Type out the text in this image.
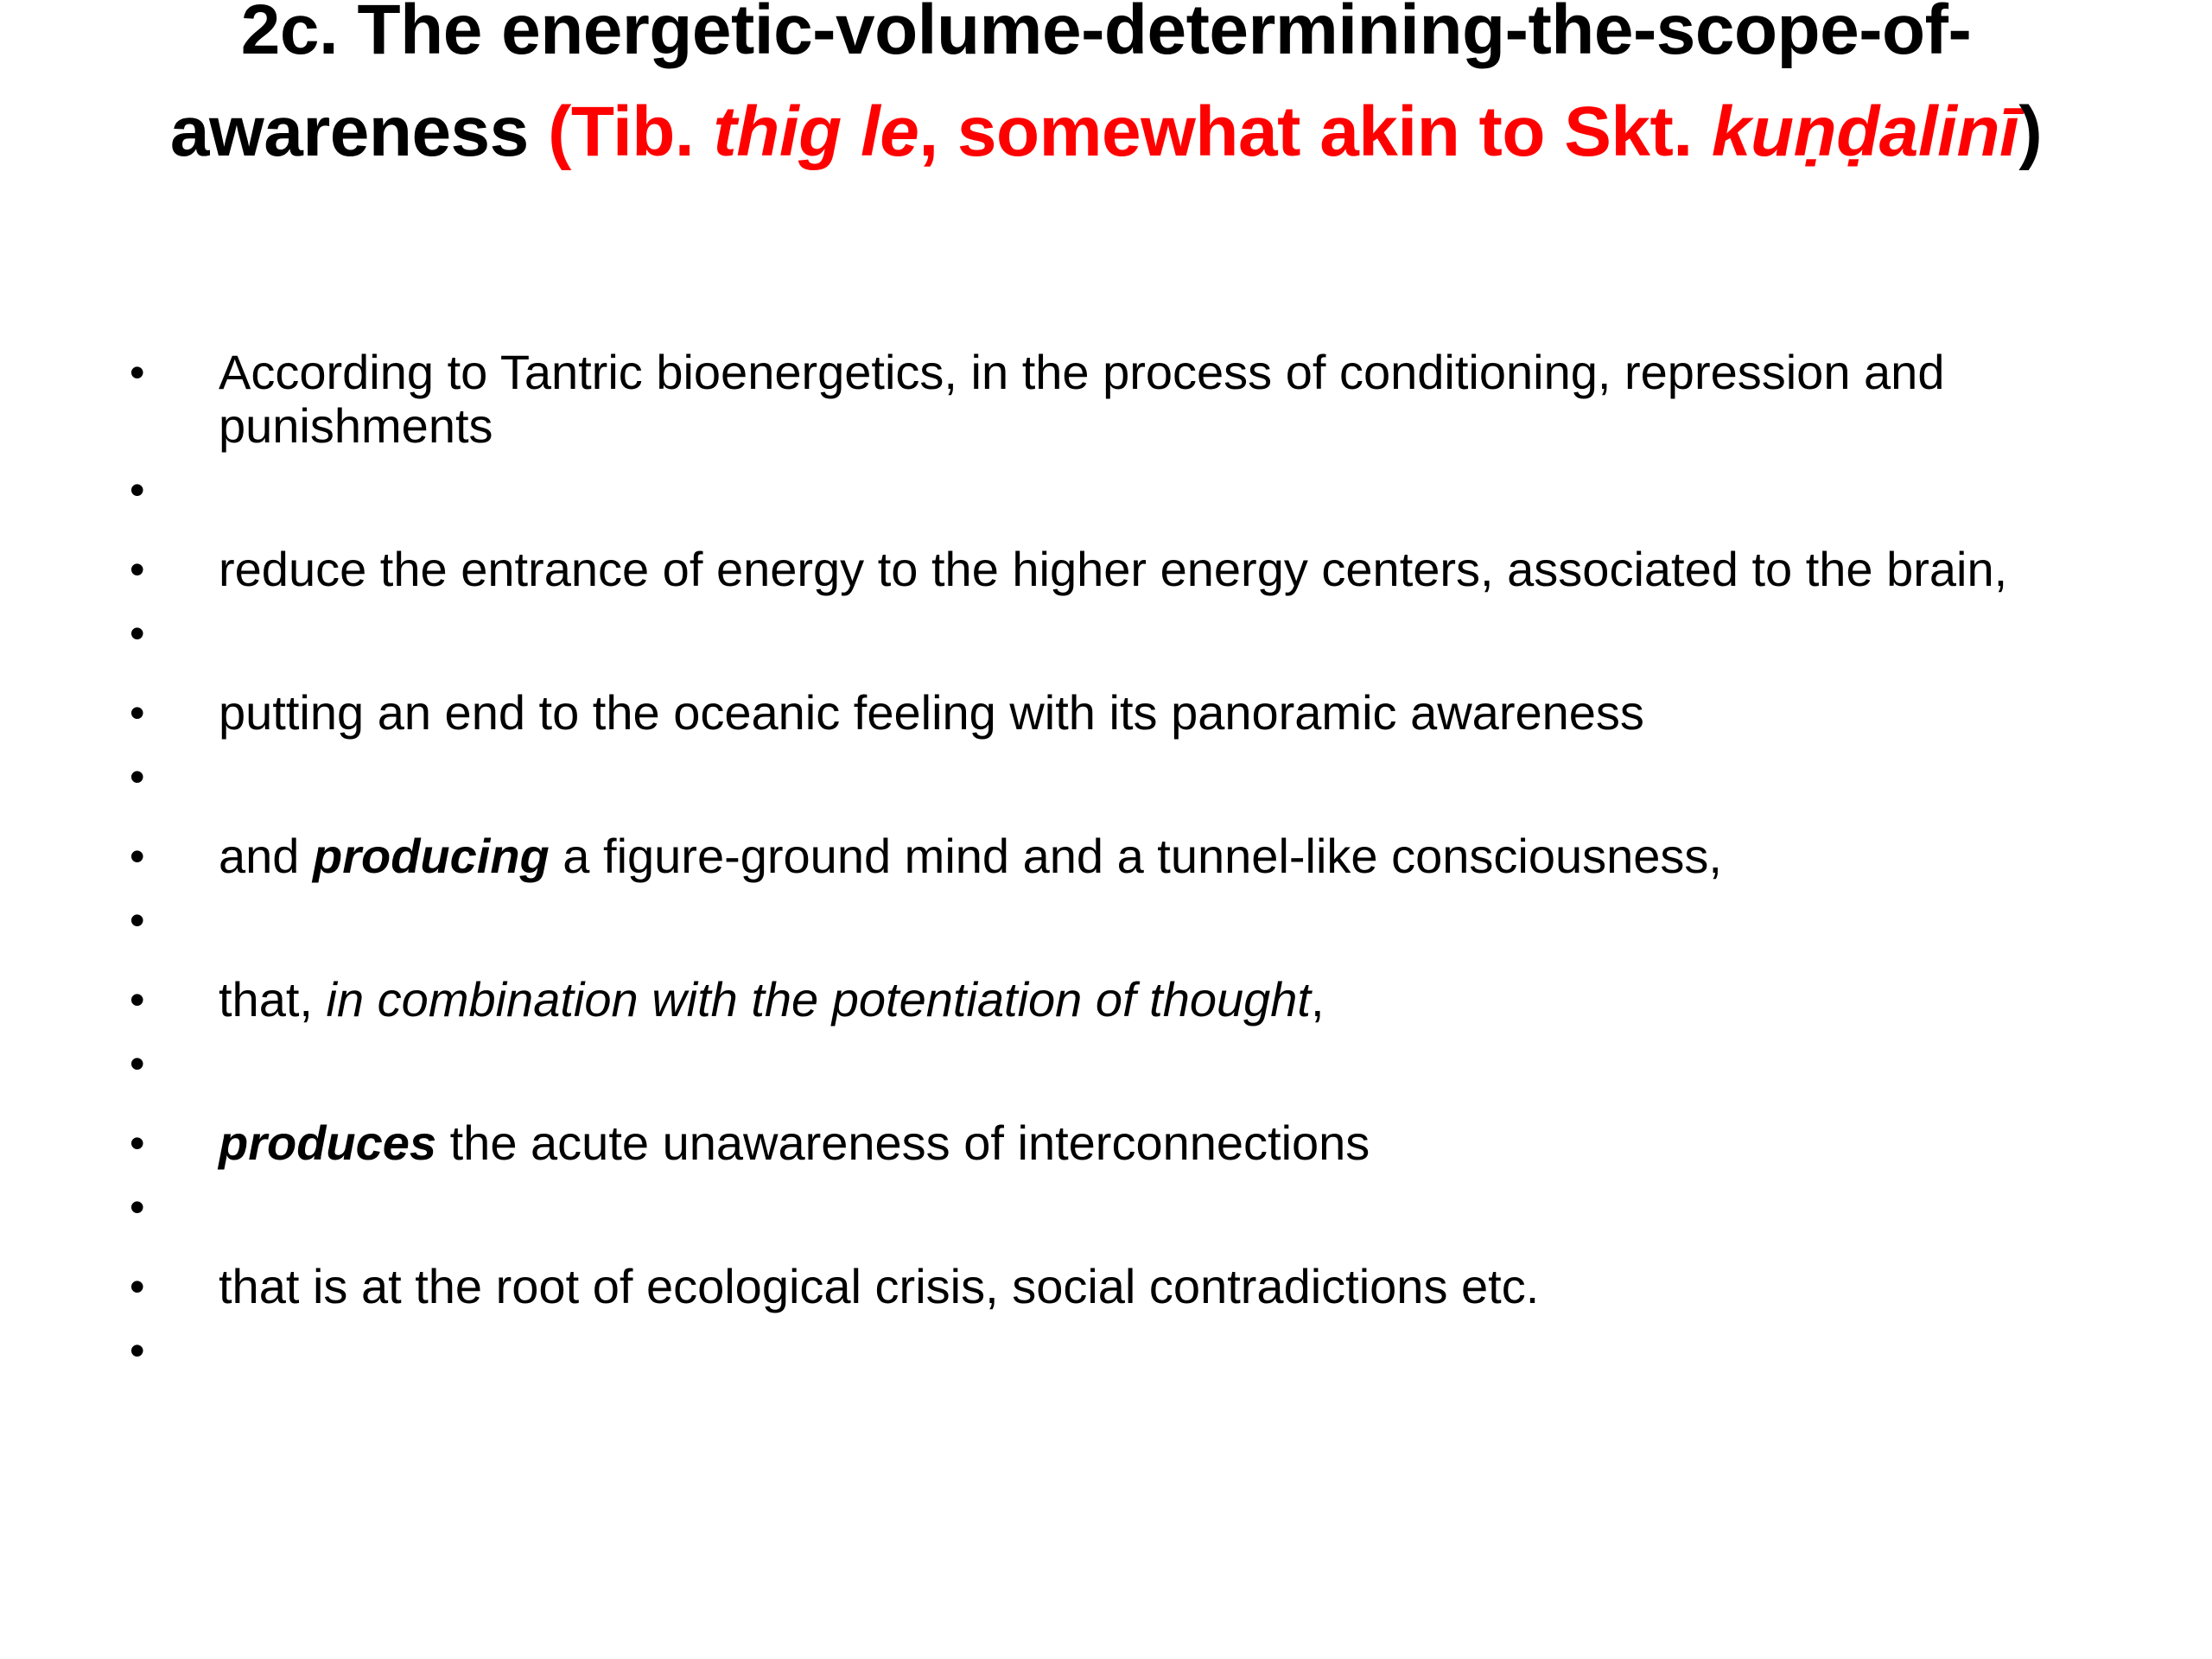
2c. The energetic-volume-determining-the-scope-of-awareness (Tib. thig le, somewhat akin to Skt. kuṇḍalinī)
• According to Tantric bioenergetics, in the process of conditioning, repression and punishments
•
• reduce the entrance of energy to the higher energy centers, associated to the brain,
•
• putting an end to the oceanic feeling with its panoramic awareness
•
• and producing a figure-ground mind and a tunnel-like consciousness,
•
• that, in combination with the potentiation of thought,
•
• produces the acute unawareness of interconnections
•
• that is at the root of ecological crisis, social contradictions etc.
•
